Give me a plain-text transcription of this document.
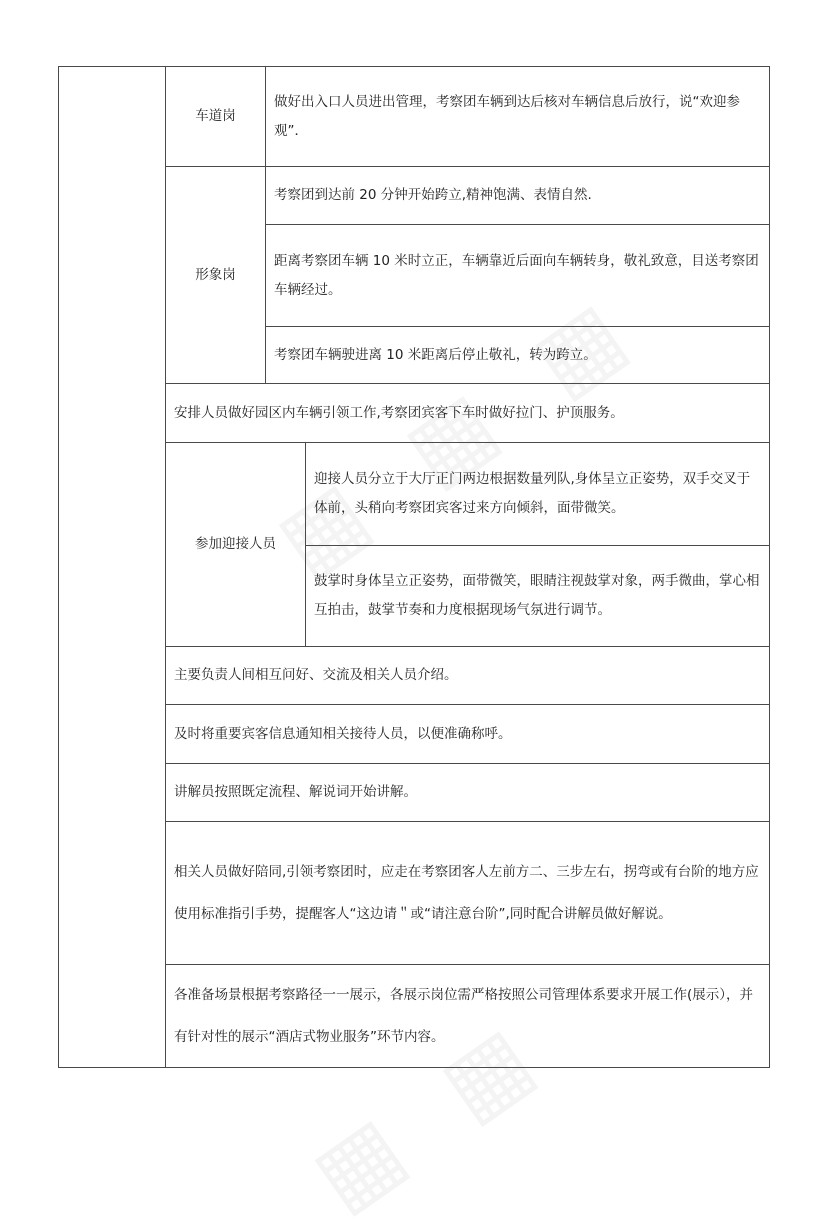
车道岗
做好出入口人员进出管理，考察团车辆到达后核对车辆信息后放行，说“欢迎参观”．
形象岗
考察团到达前 20 分钟开始跨立,精神饱满、表情自然.
距离考察团车辆 10 米时立正，车辆靠近后面向车辆转身，敬礼致意，目送考察团车辆经过。
考察团车辆驶进离 10 米距离后停止敬礼，转为跨立。
安排人员做好园区内车辆引领工作,考察团宾客下车时做好拉门、护顶服务。
参加迎接人员
迎接人员分立于大厅正门两边根据数量列队,身体呈立正姿势，双手交叉于体前，头稍向考察团宾客过来方向倾斜，面带微笑。
鼓掌时身体呈立正姿势，面带微笑，眼睛注视鼓掌对象，两手微曲，掌心相互拍击，鼓掌节奏和力度根据现场气氛进行调节。
主要负责人间相互问好、交流及相关人员介绍。
及时将重要宾客信息通知相关接待人员，以便准确称呼。
讲解员按照既定流程、解说词开始讲解。
相关人员做好陪同,引领考察团时，应走在考察团客人左前方二、三步左右，拐弯或有台阶的地方应使用标准指引手势，提醒客人“这边请＂或“请注意台阶”,同时配合讲解员做好解说。
各准备场景根据考察路径一一展示，各展示岗位需严格按照公司管理体系要求开展工作(展示），并有针对性的展示“酒店式物业服务”环节内容。
